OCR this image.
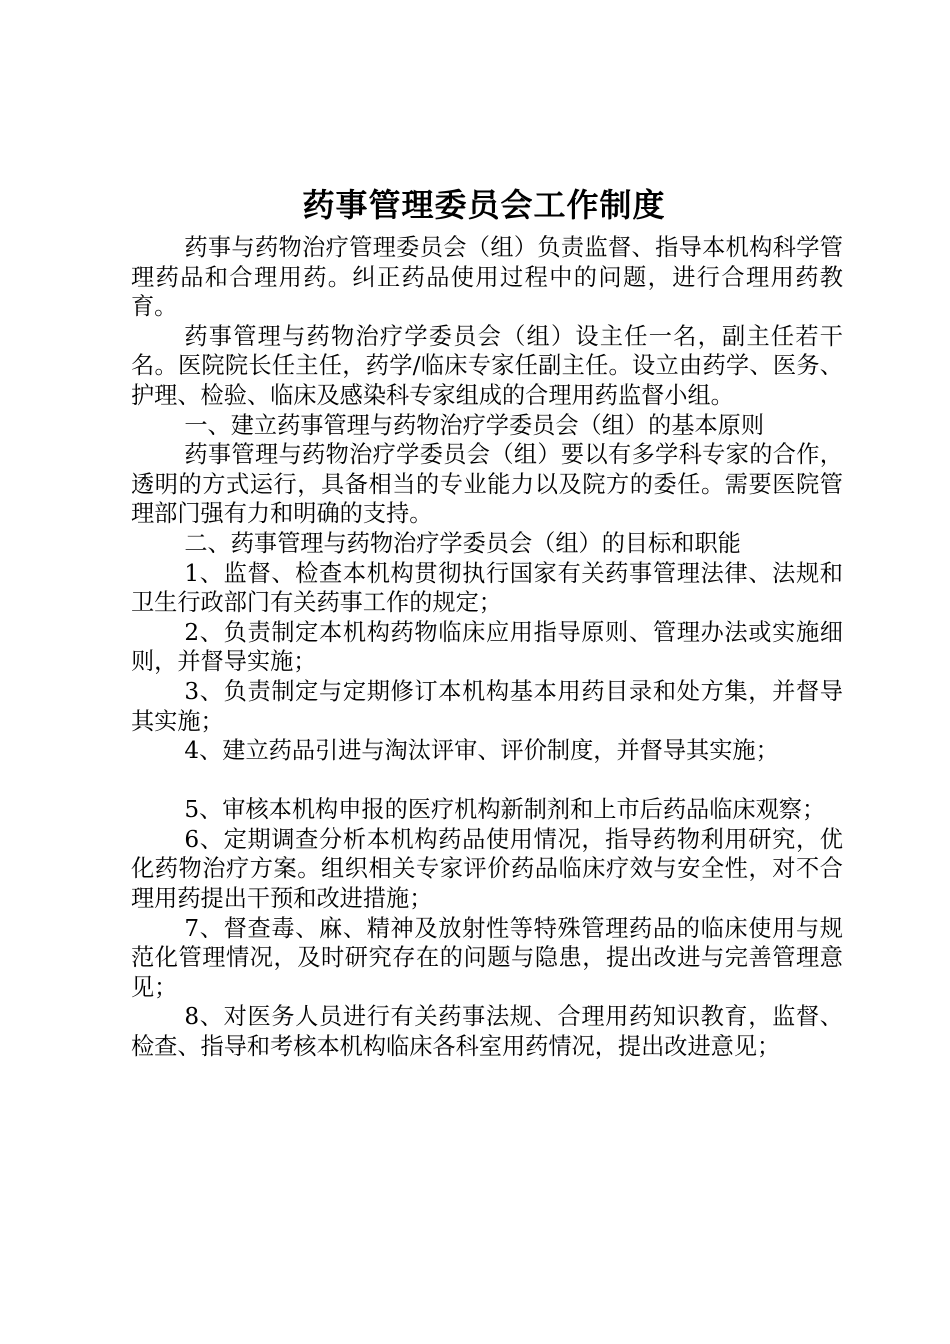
药事管理委员会工作制度

药事与药物治疗管理委员会（组）负责监督、指导本机构科学管理药品和合理用药。纠正药品使用过程中的问题，进行合理用药教育。

药事管理与药物治疗学委员会（组）设主任一名，副主任若干名。医院院长任主任，药学/临床专家任副主任。设立由药学、医务、护理、检验、临床及感染科专家组成的合理用药监督小组。

一、建立药事管理与药物治疗学委员会（组）的基本原则

药事管理与药物治疗学委员会（组）要以有多学科专家的合作，透明的方式运行，具备相当的专业能力以及院方的委任。需要医院管理部门强有力和明确的支持。

二、药事管理与药物治疗学委员会（组）的目标和职能

1、监督、检查本机构贯彻执行国家有关药事管理法律、法规和卫生行政部门有关药事工作的规定；

2、负责制定本机构药物临床应用指导原则、管理办法或实施细则，并督导实施；

3、负责制定与定期修订本机构基本用药目录和处方集，并督导其实施；

4、建立药品引进与淘汰评审、评价制度，并督导其实施；

5、审核本机构申报的医疗机构新制剂和上市后药品临床观察；

6、定期调查分析本机构药品使用情况，指导药物利用研究，优化药物治疗方案。组织相关专家评价药品临床疗效与安全性，对不合理用药提出干预和改进措施；

7、督查毒、麻、精神及放射性等特殊管理药品的临床使用与规范化管理情况，及时研究存在的问题与隐患，提出改进与完善管理意见；

8、对医务人员进行有关药事法规、合理用药知识教育，监督、检查、指导和考核本机构临床各科室用药情况，提出改进意见；
